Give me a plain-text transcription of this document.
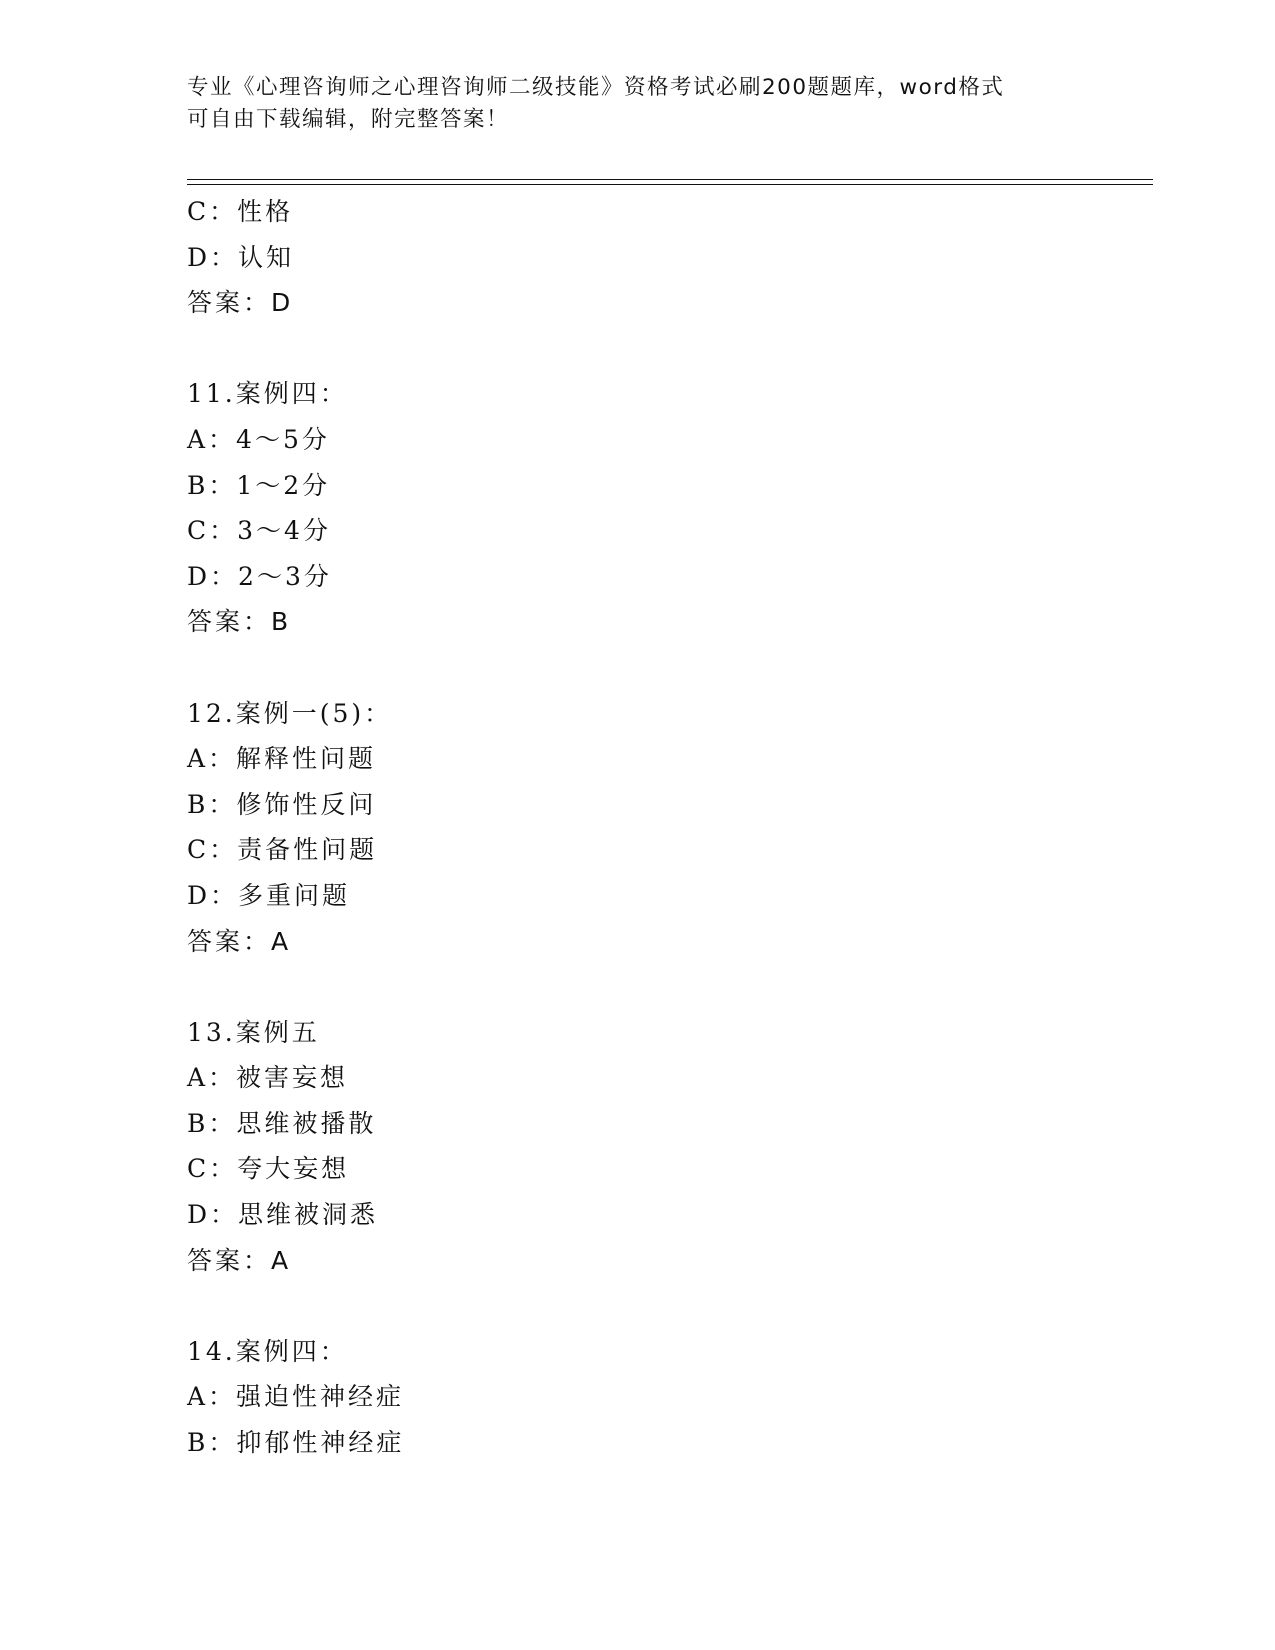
专业《心理咨询师之心理咨询师二级技能》资格考试必刷200题题库，word格式
可自由下载编辑，附完整答案！
C：性格
D：认知
答案：D
11.案例四：
A：4～5分
B：1～2分
C：3～4分
D：2～3分
答案：B
12.案例一(5)：
A：解释性问题
B：修饰性反问
C：责备性问题
D：多重问题
答案：A
13.案例五
A：被害妄想
B：思维被播散
C：夸大妄想
D：思维被洞悉
答案：A
14.案例四：
A：强迫性神经症
B：抑郁性神经症
